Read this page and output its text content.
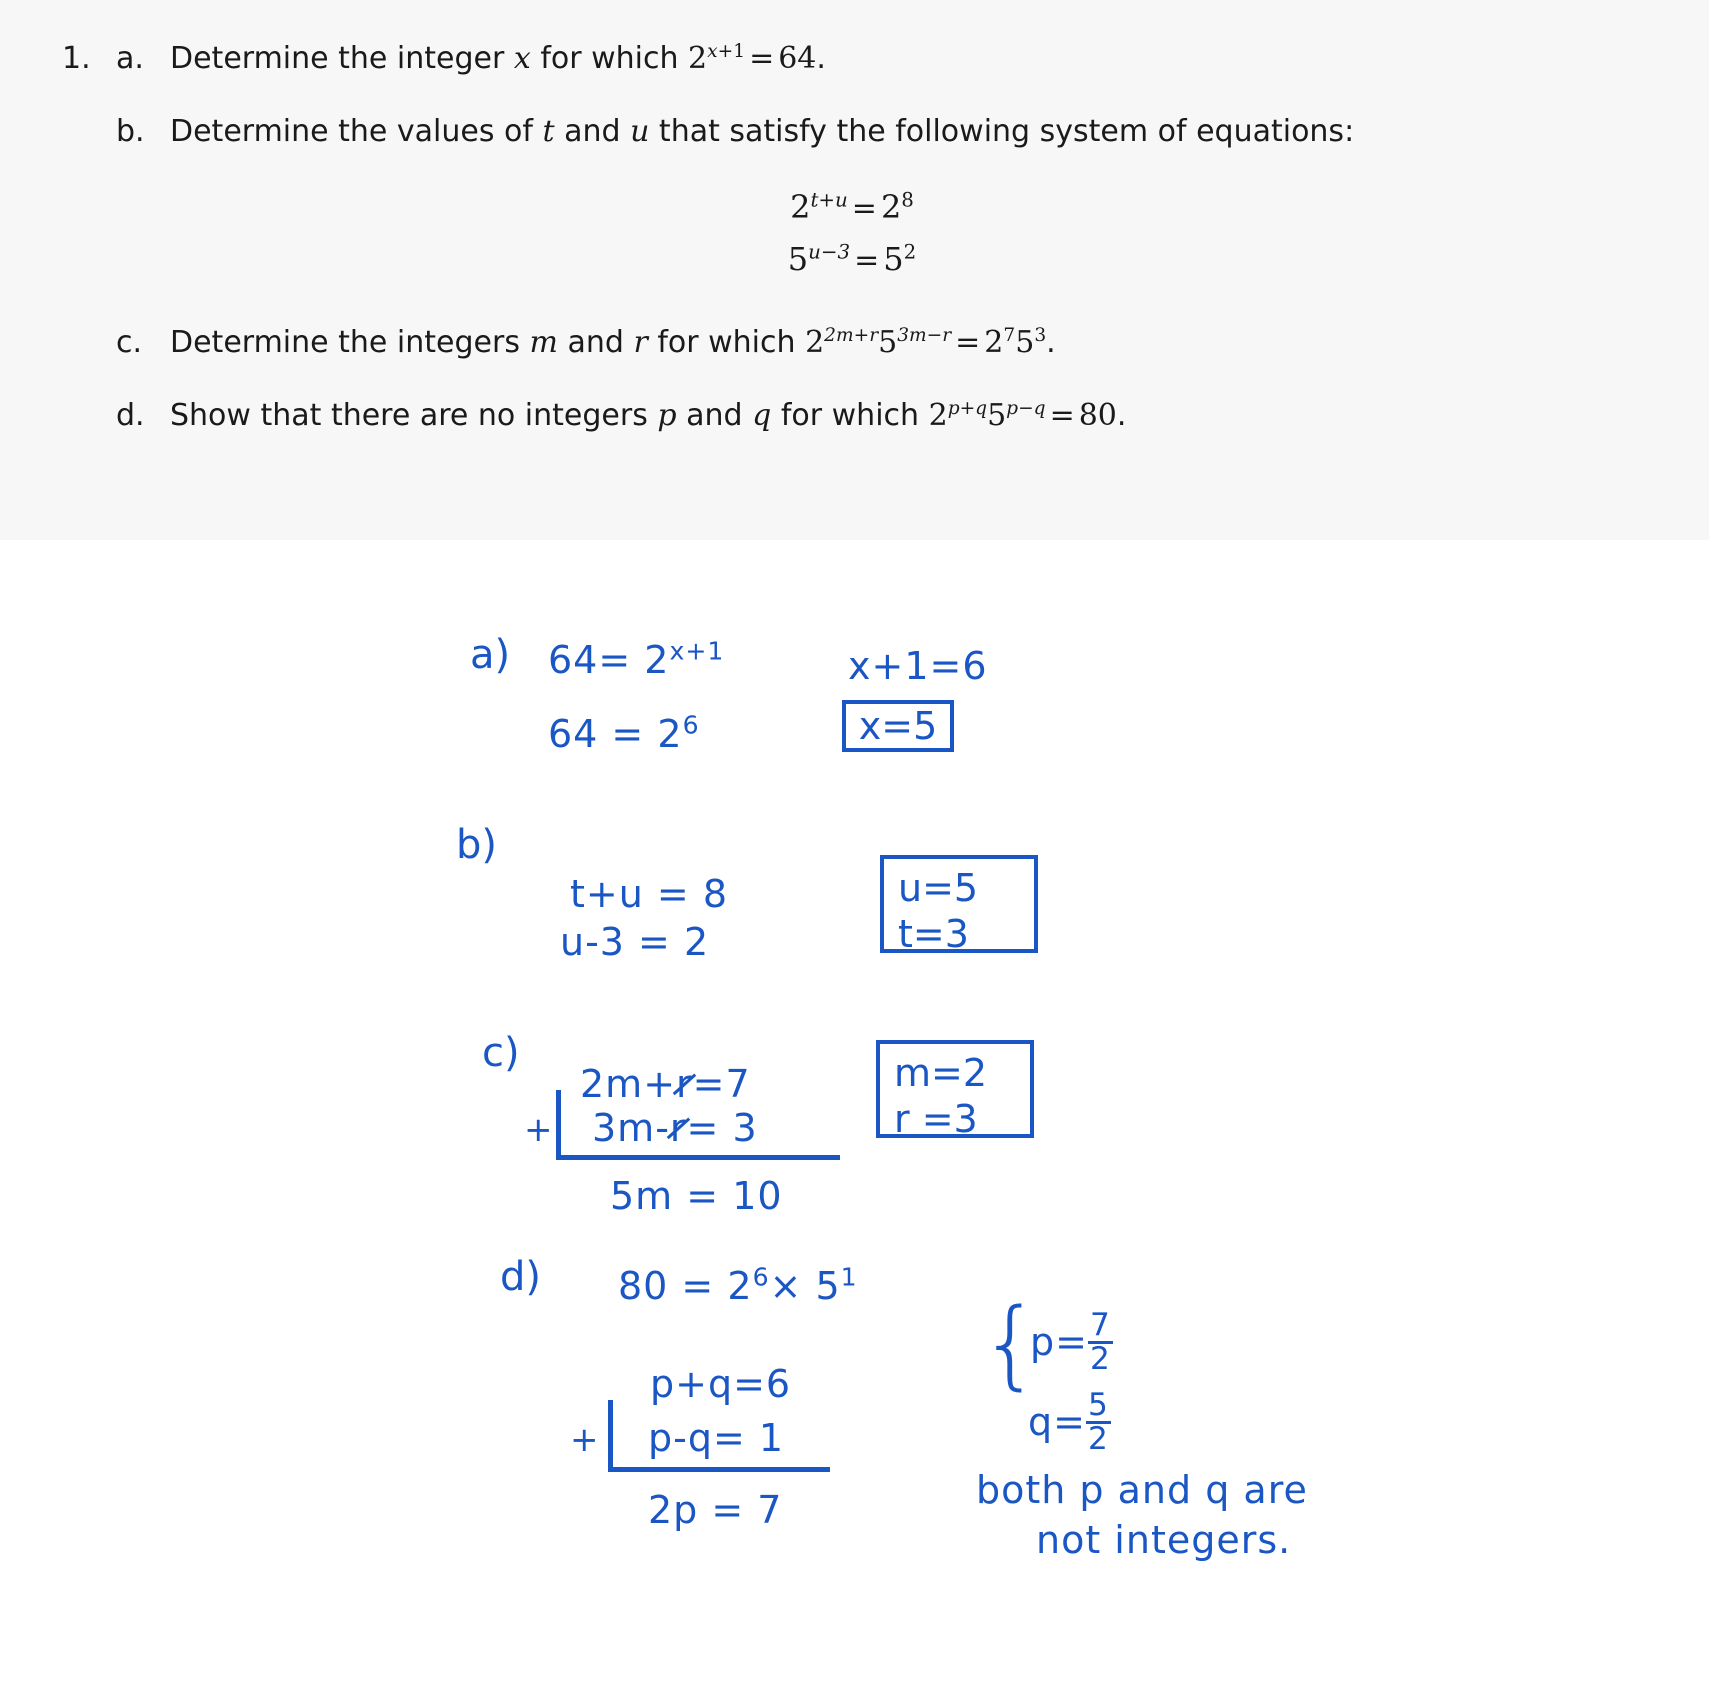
1. a. Determine the integer x for which $2^{x+1} = 64$.
b. Determine the values of t and u that satisfy the following system of equations:
$2^{t+u} = 2^8$
$5^{u-3} = 5^2$
c. Determine the integers m and r for which $2^{2m+r}5^{3m-r} = 2^75^3$.
d. Show that there are no integers p and q for which $2^{p+q}5^{p-q} = 80$.
a) $64= 2^{x+1}$
$64 = 2^6$
x+1=6
x=5
b)
t+u = 8
u-3 = 2
u=5
t=3
c)
2m+r=7
+ 3m-r= 3
5m = 10
m=2
r =3
d) $80 = 2^6\times 5^1$
p+q=6
+ p-q= 1
2p = 7
{
$p= \frac{7}{2}$
$q= \frac{5}{2}$
both p and q are
not integers.
